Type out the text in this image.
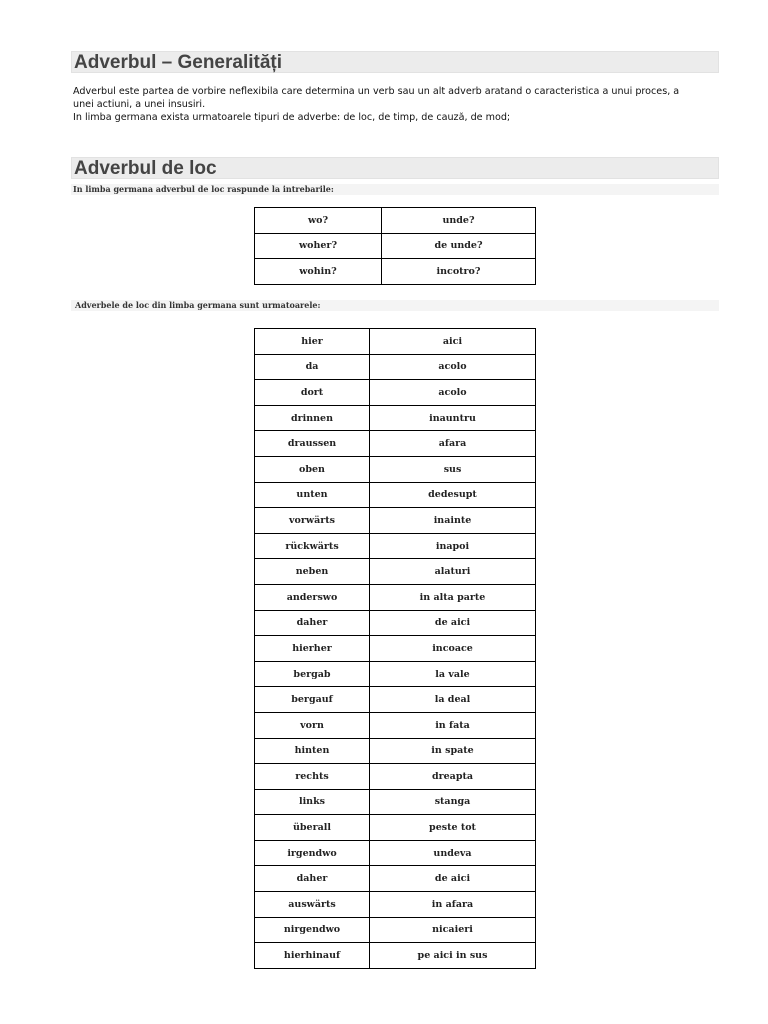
Adverbul – Generalități
Adverbul este partea de vorbire neflexibila care determina un verb sau un alt adverb aratand o caracteristica a unui proces, a unei actiuni, a unei insusiri.
In limba germana exista urmatoarele tipuri de adverbe: de loc, de timp, de cauză, de mod;
Adverbul de loc
In limba germana adverbul de loc raspunde la intrebarile:
wo?	unde?
woher?	de unde?
wohin?	incotro?
Adverbele de loc din limba germana sunt urmatoarele:
hier	aici
da	acolo
dort	acolo
drinnen	inauntru
draussen	afara
oben	sus
unten	dedesupt
vorwärts	inainte
rückwärts	inapoi
neben	alaturi
anderswo	in alta parte
daher	de aici
hierher	incoace
bergab	la vale
bergauf	la deal
vorn	in fata
hinten	in spate
rechts	dreapta
links	stanga
überall	peste tot
irgendwo	undeva
daher	de aici
auswärts	in afara
nirgendwo	nicaieri
hierhinauf	pe aici in sus
